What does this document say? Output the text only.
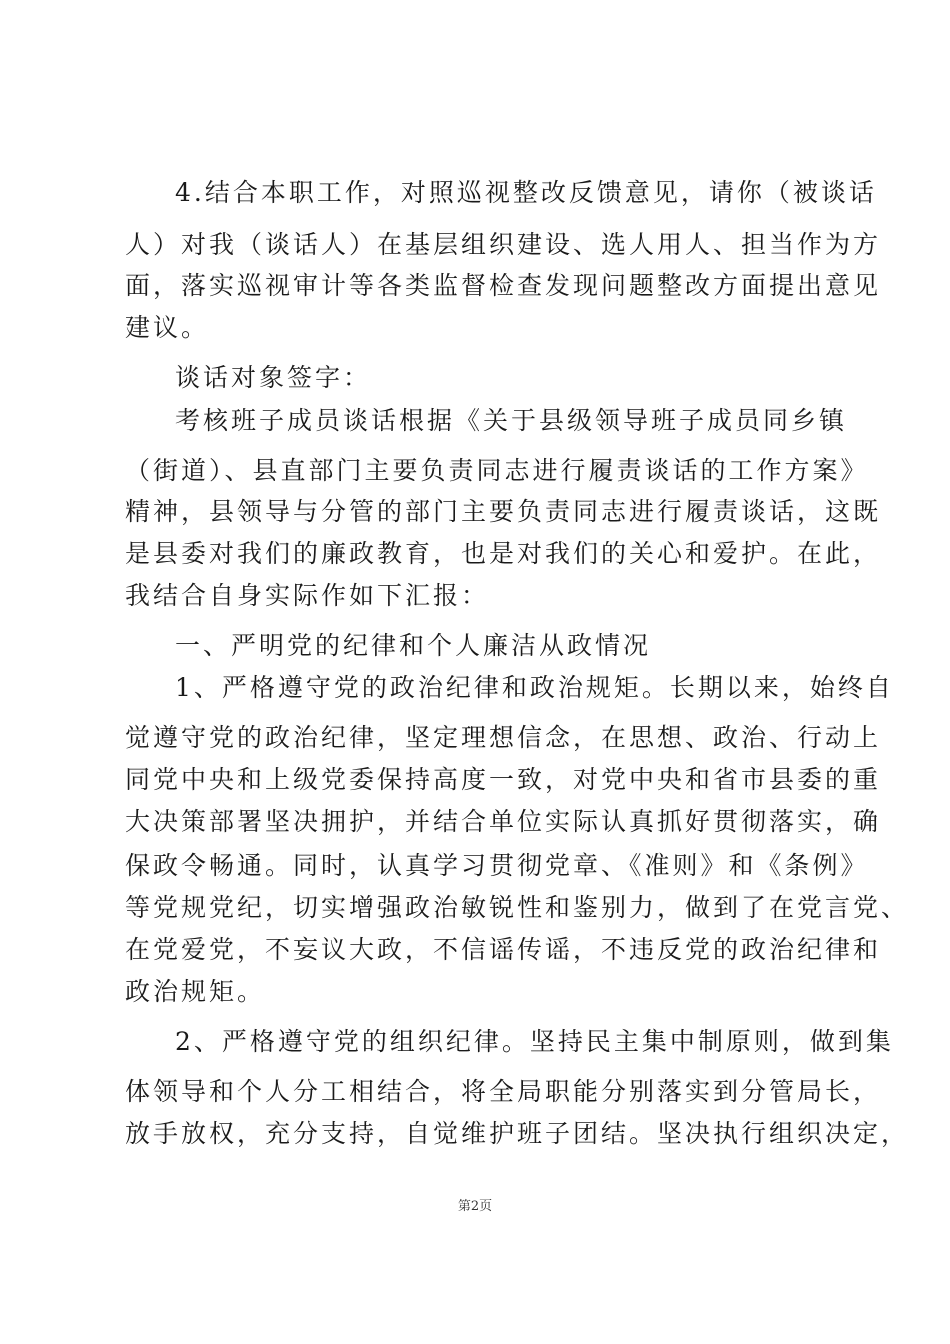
4.结合本职工作，对照巡视整改反馈意见，请你（被谈话
人）对我（谈话人）在基层组织建设、选人用人、担当作为方
面，落实巡视审计等各类监督检查发现问题整改方面提出意见
建议。
谈话对象签字：
考核班子成员谈话根据《关于县级领导班子成员同乡镇
（街道）、县直部门主要负责同志进行履责谈话的工作方案》
精神，县领导与分管的部门主要负责同志进行履责谈话，这既
是县委对我们的廉政教育，也是对我们的关心和爱护。在此，
我结合自身实际作如下汇报：
一、严明党的纪律和个人廉洁从政情况
1、严格遵守党的政治纪律和政治规矩。长期以来，始终自
觉遵守党的政治纪律，坚定理想信念，在思想、政治、行动上
同党中央和上级党委保持高度一致，对党中央和省市县委的重
大决策部署坚决拥护，并结合单位实际认真抓好贯彻落实，确
保政令畅通。同时，认真学习贯彻党章、《准则》和《条例》
等党规党纪，切实增强政治敏锐性和鉴别力，做到了在党言党、
在党爱党，不妄议大政，不信谣传谣，不违反党的政治纪律和
政治规矩。
2、严格遵守党的组织纪律。坚持民主集中制原则，做到集
体领导和个人分工相结合，将全局职能分别落实到分管局长，
放手放权，充分支持，自觉维护班子团结。坚决执行组织决定，
第2页
